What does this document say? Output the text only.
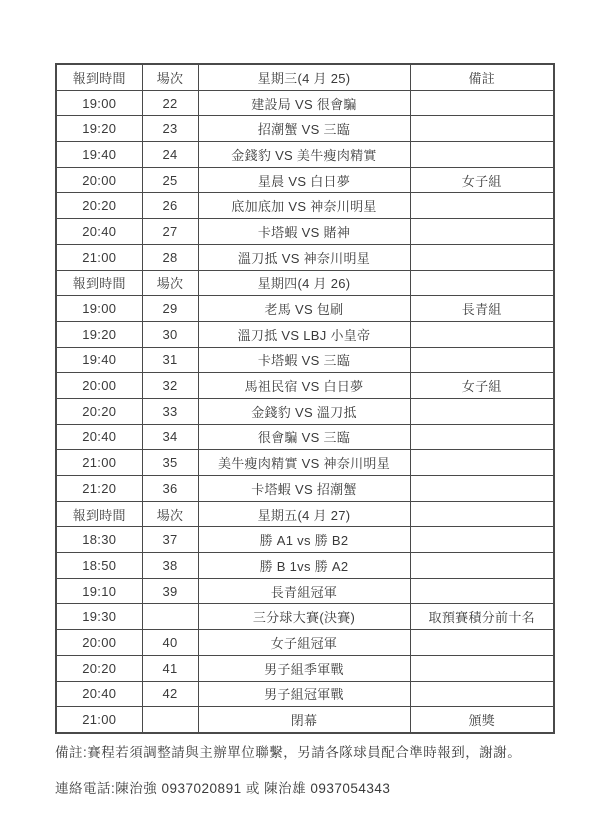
報到時間	場次	星期三(4 月 25)	備註
19:00	22	建設局 VS 很會騙	
19:20	23	招潮蟹 VS 三臨	
19:40	24	金錢豹 VS 美牛瘦肉精實	
20:00	25	星晨 VS 白日夢	女子組
20:20	26	底加底加 VS 神奈川明星	
20:40	27	卡塔蝦 VS 賭神	
21:00	28	溫刀抵 VS 神奈川明星	
報到時間	場次	星期四(4 月 26)	
19:00	29	老馬 VS 包刷	長青組
19:20	30	溫刀抵 VS LBJ 小皇帝	
19:40	31	卡塔蝦 VS 三臨	
20:00	32	馬祖民宿 VS 白日夢	女子組
20:20	33	金錢豹 VS 溫刀抵	
20:40	34	很會騙 VS 三臨	
21:00	35	美牛瘦肉精實 VS 神奈川明星	
21:20	36	卡塔蝦 VS 招潮蟹	
報到時間	場次	星期五(4 月 27)	
18:30	37	勝 A1 vs 勝 B2	
18:50	38	勝 B 1vs 勝 A2	
19:10	39	長青組冠軍	
19:30		三分球大賽(決賽)	取預賽積分前十名
20:00	40	女子組冠軍	
20:20	41	男子組季軍戰	
20:40	42	男子組冠軍戰	
21:00		閉幕	頒獎
備註:賽程若須調整請與主辦單位聯繫，另請各隊球員配合準時報到，謝謝。
連絡電話:陳治強 0937020891 或 陳治雄 0937054343
